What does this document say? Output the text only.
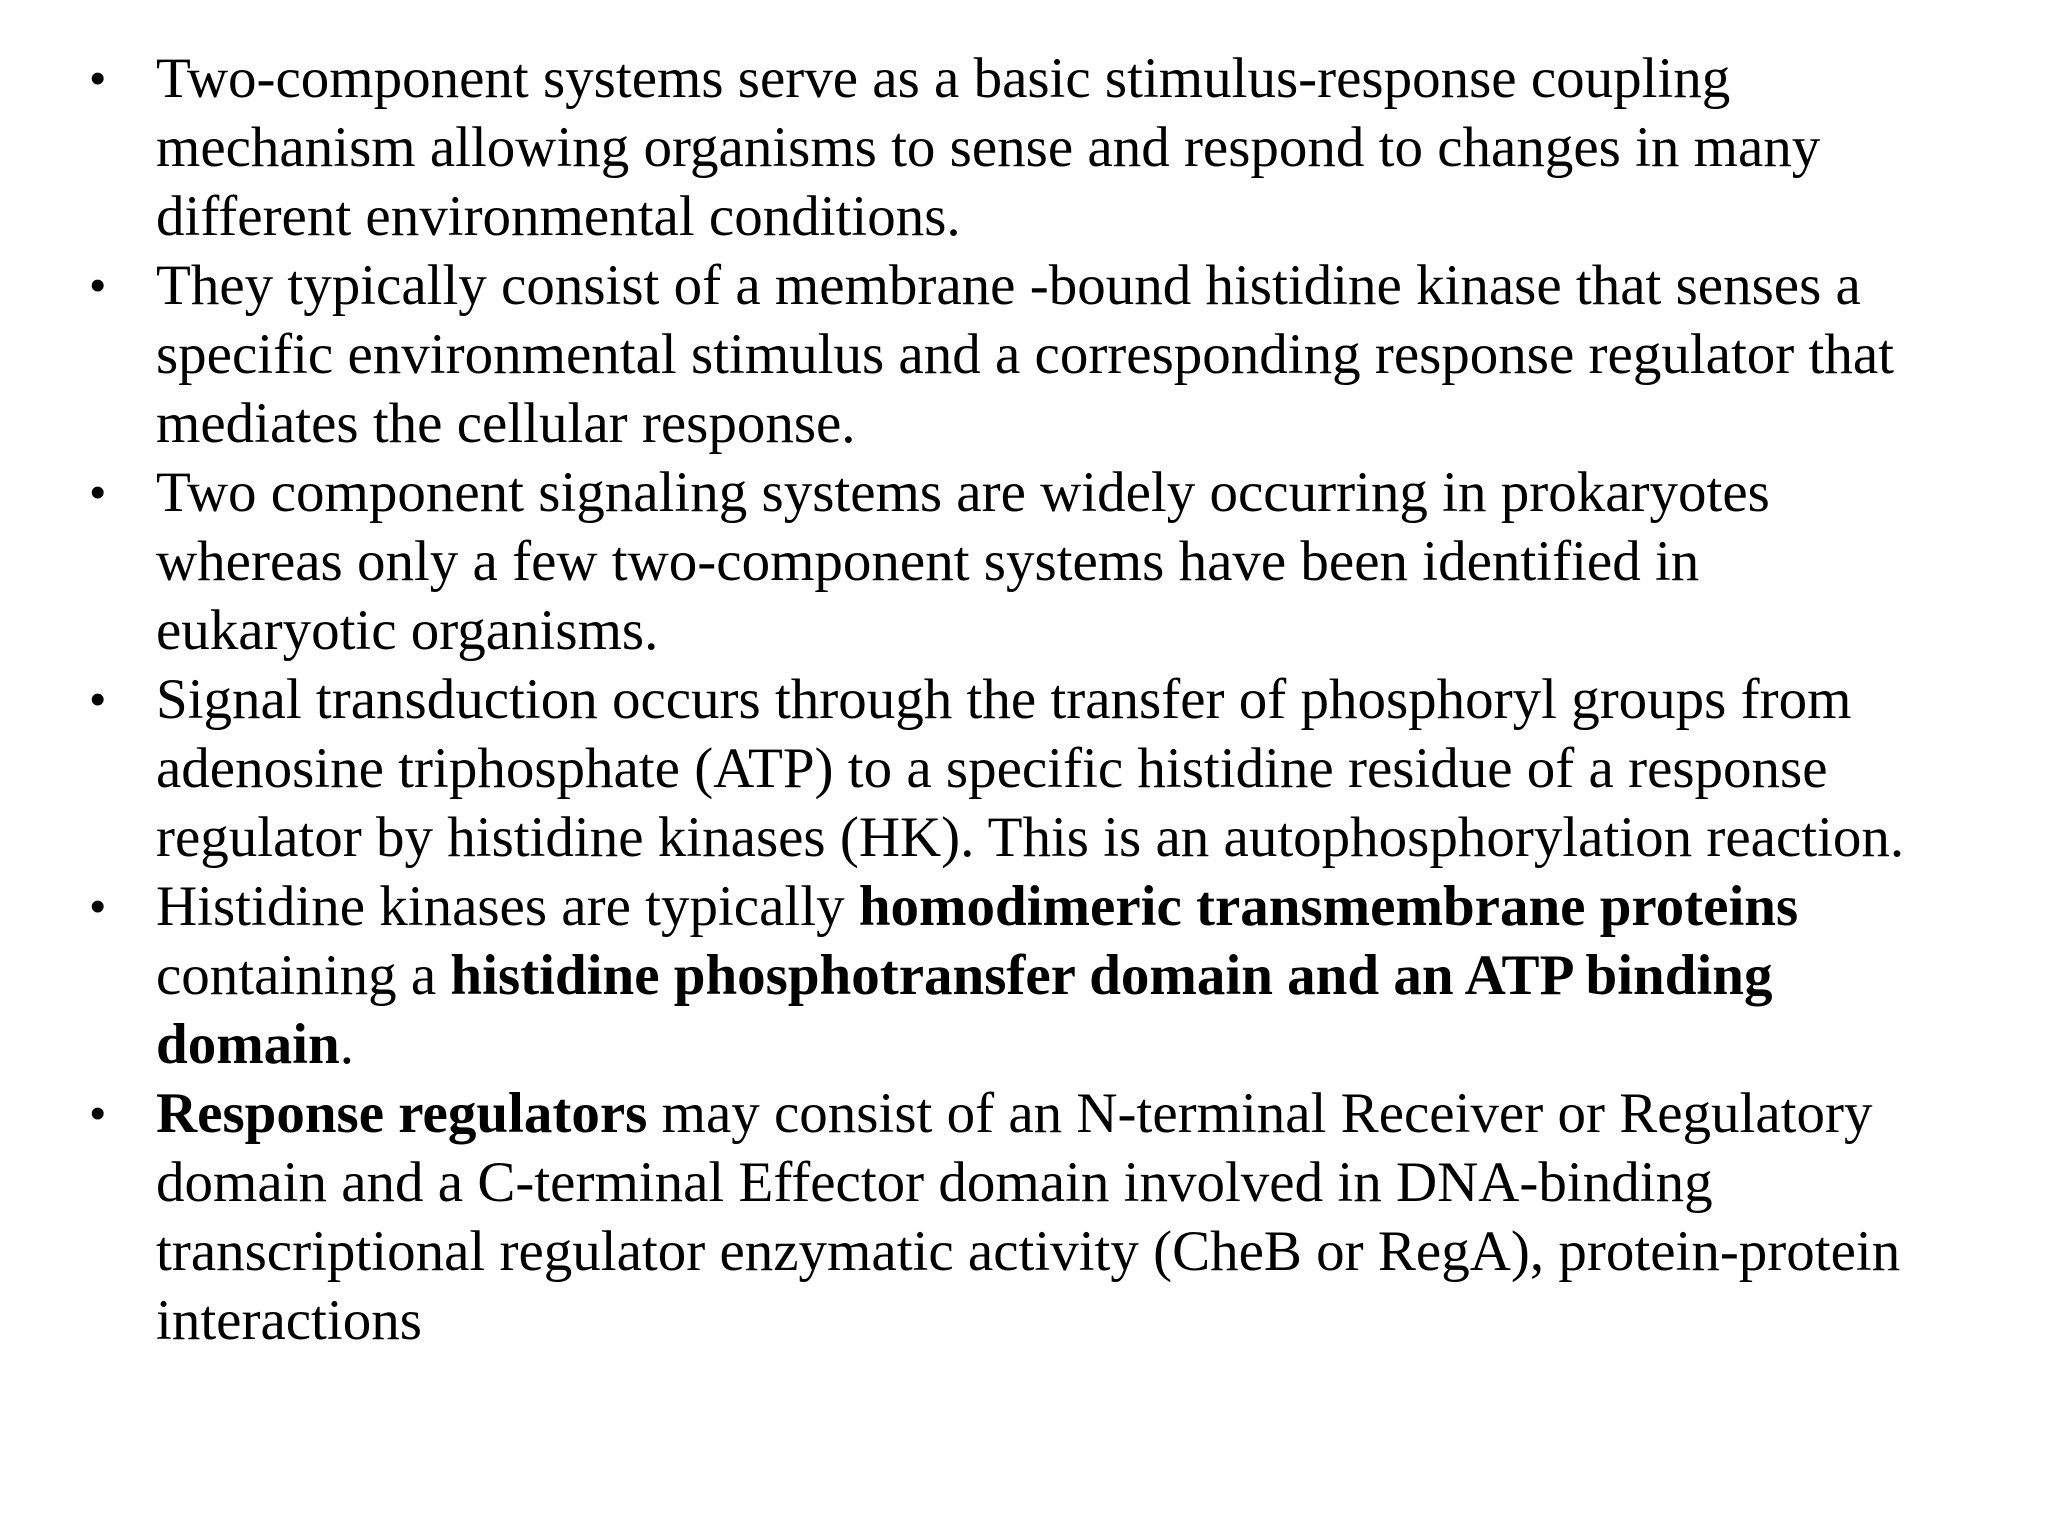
• Two-component systems serve as a basic stimulus-response coupling mechanism allowing organisms to sense and respond to changes in many different environmental conditions.
• They typically consist of a membrane -bound histidine kinase that senses a specific environmental stimulus and a corresponding response regulator that mediates the cellular response.
• Two component signaling systems are widely occurring in prokaryotes whereas only a few two-component systems have been identified in eukaryotic organisms.
• Signal transduction occurs through the transfer of phosphoryl groups from adenosine triphosphate (ATP) to a specific histidine residue of a response regulator by histidine kinases (HK). This is an autophosphorylation reaction.
• Histidine kinases are typically homodimeric transmembrane proteins containing a histidine phosphotransfer domain and an ATP binding domain.
• Response regulators may consist of an N-terminal Receiver or Regulatory domain and a C-terminal Effector domain involved in DNA-binding transcriptional regulator enzymatic activity (CheB or RegA), protein-protein interactions
